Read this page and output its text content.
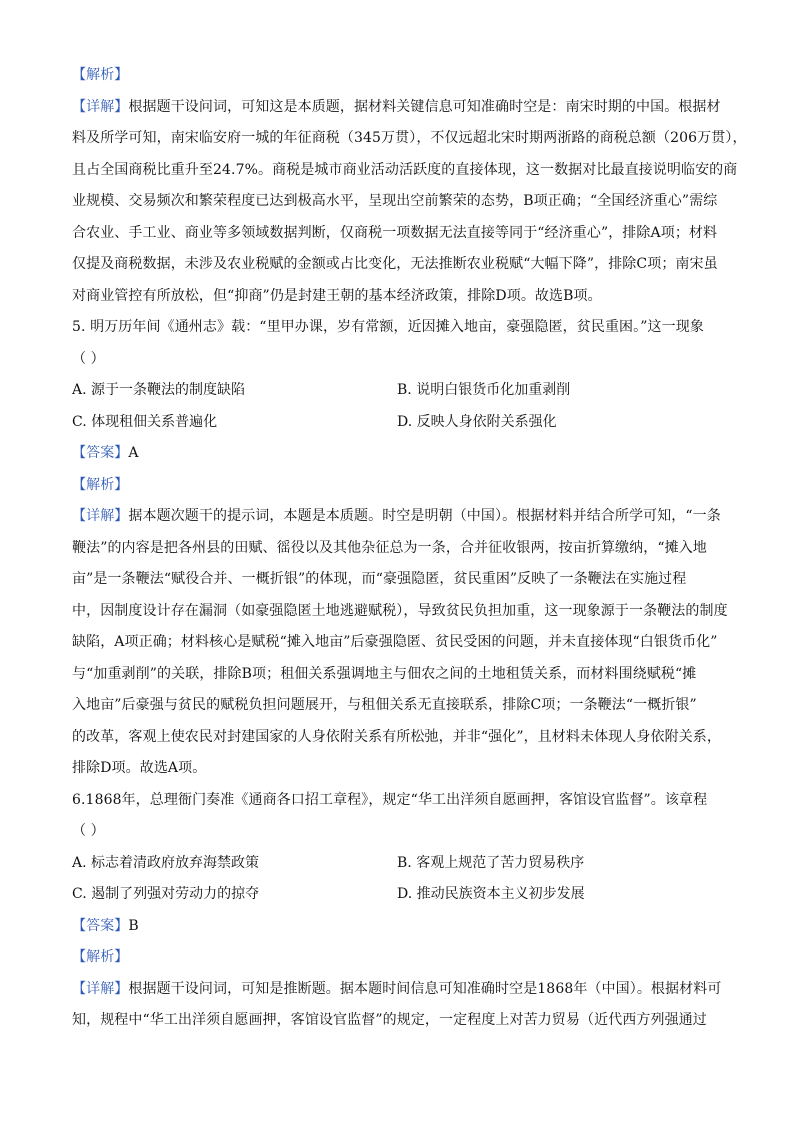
【解析】
【详解】根据题干设问词，可知这是本质题，据材料关键信息可知准确时空是：南宋时期的中国。根据材
料及所学可知，南宋临安府一城的年征商税（345万贯），不仅远超北宋时期两浙路的商税总额（206万贯），
且占全国商税比重升至24.7%。商税是城市商业活动活跃度的直接体现，这一数据对比最直接说明临安的商
业规模、交易频次和繁荣程度已达到极高水平，呈现出空前繁荣的态势，B项正确；“全国经济重心”需综
合农业、手工业、商业等多领域数据判断，仅商税一项数据无法直接等同于“经济重心”，排除A项；材料
仅提及商税数据，未涉及农业税赋的金额或占比变化，无法推断农业税赋“大幅下降”，排除C项；南宋虽
对商业管控有所放松，但“抑商”仍是封建王朝的基本经济政策，排除D项。故选B项。
5. 明万历年间《通州志》载：“里甲办课，岁有常额，近因摊入地亩，豪强隐匿，贫民重困。”这一现象
（ ）
A. 源于一条鞭法的制度缺陷	B. 说明白银货币化加重剥削
C. 体现租佃关系普遍化	D. 反映人身依附关系强化
【答案】A
【解析】
【详解】据本题次题干的提示词，本题是本质题。时空是明朝（中国）。根据材料并结合所学可知，“一条
鞭法”的内容是把各州县的田赋、徭役以及其他杂征总为一条，合并征收银两，按亩折算缴纳，“摊入地
亩”是一条鞭法“赋役合并、一概折银”的体现，而“豪强隐匿，贫民重困”反映了一条鞭法在实施过程
中，因制度设计存在漏洞（如豪强隐匿土地逃避赋税），导致贫民负担加重，这一现象源于一条鞭法的制度
缺陷，A项正确；材料核心是赋税“摊入地亩”后豪强隐匿、贫民受困的问题，并未直接体现“白银货币化”
与“加重剥削”的关联，排除B项；租佃关系强调地主与佃农之间的土地租赁关系，而材料围绕赋税“摊
入地亩”后豪强与贫民的赋税负担问题展开，与租佃关系无直接联系，排除C项；一条鞭法“一概折银”
的改革，客观上使农民对封建国家的人身依附关系有所松弛，并非“强化”，且材料未体现人身依附关系，
排除D项。故选A项。
6.1868年，总理衙门奏准《通商各口招工章程》，规定“华工出洋须自愿画押，客馆设官监督”。该章程
（ ）
A. 标志着清政府放弃海禁政策	B. 客观上规范了苦力贸易秩序
C. 遏制了列强对劳动力的掠夺	D. 推动民族资本主义初步发展
【答案】B
【解析】
【详解】根据题干设问词，可知是推断题。据本题时间信息可知准确时空是1868年（中国）。根据材料可
知，规程中“华工出洋须自愿画押，客馆设官监督”的规定，一定程度上对苦力贸易（近代西方列强通过
